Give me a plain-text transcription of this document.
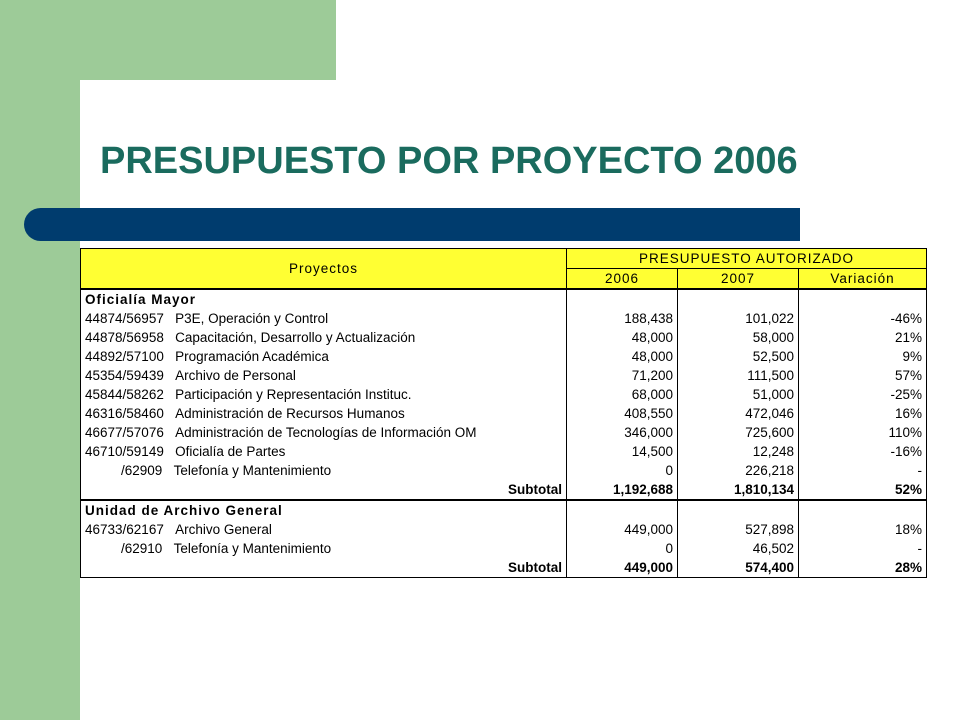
PRESUPUESTO POR PROYECTO 2006
Proyectos	PRESUPUESTO AUTORIZADO		
	2006	2007	Variación
Oficialía Mayor			
44874/56957 P3E, Operación y Control	188,438	101,022	-46%
44878/56958 Capacitación, Desarrollo y Actualización	48,000	58,000	21%
44892/57100 Programación Académica	48,000	52,500	9%
45354/59439 Archivo de Personal	71,200	111,500	57%
45844/58262 Participación y Representación Instituc.	68,000	51,000	-25%
46316/58460 Administración de Recursos Humanos	408,550	472,046	16%
46677/57076 Administración de Tecnologías de Información OM	346,000	725,600	110%
46710/59149 Oficialía de Partes	14,500	12,248	-16%
/62909 Telefonía y Mantenimiento	0	226,218	-
Subtotal	1,192,688	1,810,134	52%
Unidad de Archivo General			
46733/62167 Archivo General	449,000	527,898	18%
/62910 Telefonía y Mantenimiento	0	46,502	-
Subtotal	449,000	574,400	28%
